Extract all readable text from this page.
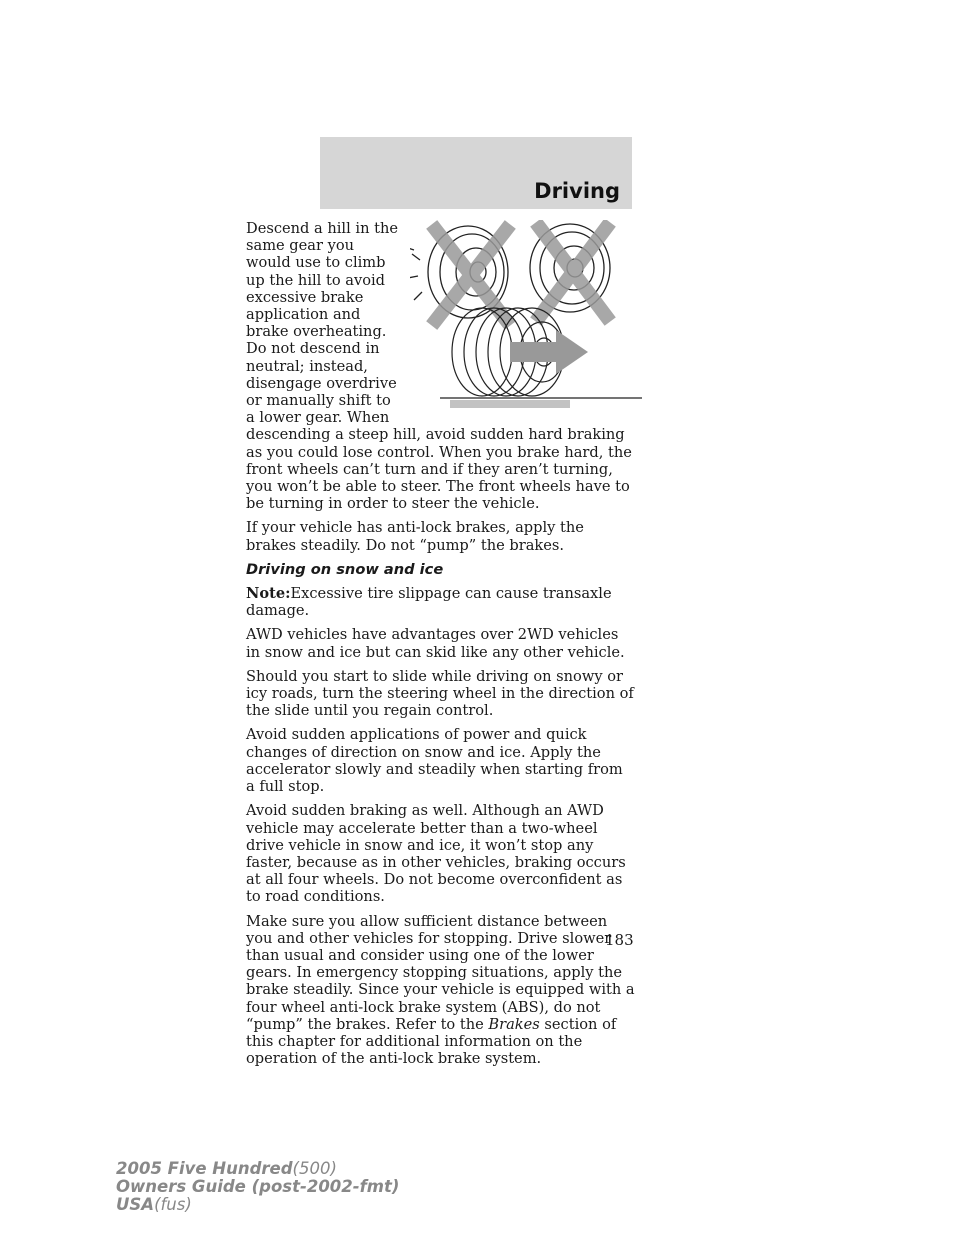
Driving

Descend a hill in the same gear you would use to climb up the hill to avoid excessive brake application and brake overheating. Do not descend in neutral; instead, disengage overdrive or manually shift to a lower gear. When descending a steep hill, avoid sudden hard braking as you could lose control. When you brake hard, the front wheels can’t turn and if they aren’t turning, you won’t be able to steer. The front wheels have to be turning in order to steer the vehicle.

If your vehicle has anti-lock brakes, apply the brakes steadily. Do not “pump” the brakes.

Driving on snow and ice

Note:Excessive tire slippage can cause transaxle damage.

AWD vehicles have advantages over 2WD vehicles in snow and ice but can skid like any other vehicle.

Should you start to slide while driving on snowy or icy roads, turn the steering wheel in the direction of the slide until you regain control.

Avoid sudden applications of power and quick changes of direction on snow and ice. Apply the accelerator slowly and steadily when starting from a full stop.

Avoid sudden braking as well. Although an AWD vehicle may accelerate better than a two-wheel drive vehicle in snow and ice, it won’t stop any faster, because as in other vehicles, braking occurs at all four wheels. Do not become overconfident as to road conditions.

Make sure you allow sufficient distance between you and other vehicles for stopping. Drive slower than usual and consider using one of the lower gears. In emergency stopping situations, apply the brake steadily. Since your vehicle is equipped with a four wheel anti-lock brake system (ABS), do not “pump” the brakes. Refer to the Brakes section of this chapter for additional information on the operation of the anti-lock brake system.

183
2005 Five Hundred(500)
Owners Guide (post-2002-fmt)
USA(fus)
